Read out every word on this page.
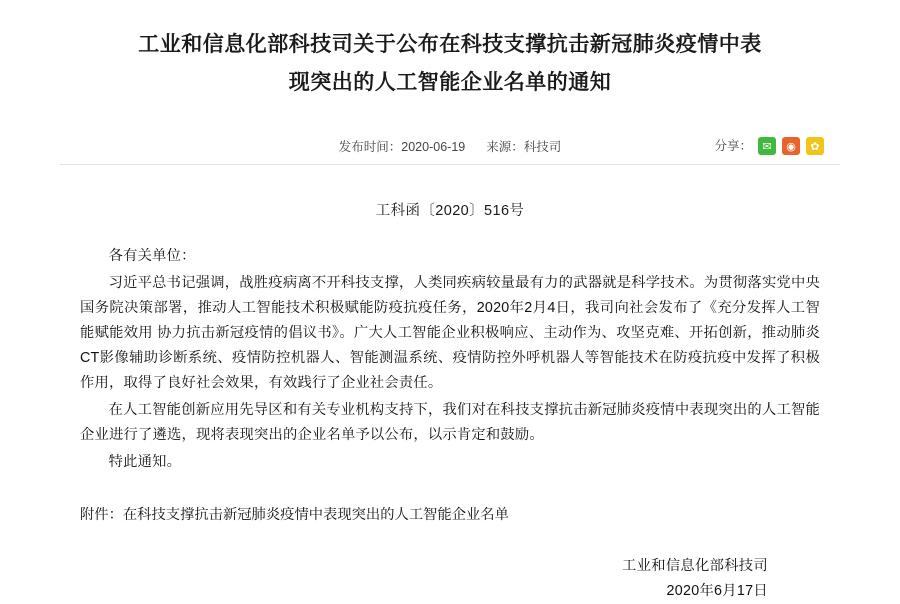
工业和信息化部科技司关于公布在科技支撑抗击新冠肺炎疫情中表现突出的人工智能企业名单的通知
发布时间：2020-06-19 来源：科技司	分享： ✉	◉	✿
工科函〔2020〕516号

各有关单位：

习近平总书记强调，战胜疫病离不开科技支撑，人类同疾病较量最有力的武器就是科学技术。为贯彻落实党中央国务院决策部署，推动人工智能技术积极赋能防疫抗疫任务，2020年2月4日，我司向社会发布了《充分发挥人工智能赋能效用 协力抗击新冠疫情的倡议书》。广大人工智能企业积极响应、主动作为、攻坚克难、开拓创新，推动肺炎CT影像辅助诊断系统、疫情防控机器人、智能测温系统、疫情防控外呼机器人等智能技术在防疫抗疫中发挥了积极作用，取得了良好社会效果，有效践行了企业社会责任。

在人工智能创新应用先导区和有关专业机构支持下，我们对在科技支撑抗击新冠肺炎疫情中表现突出的人工智能企业进行了遴选，现将表现突出的企业名单予以公布，以示肯定和鼓励。

特此通知。

附件：在科技支撑抗击新冠肺炎疫情中表现突出的人工智能企业名单
工业和信息化部科技司
2020年6月17日
